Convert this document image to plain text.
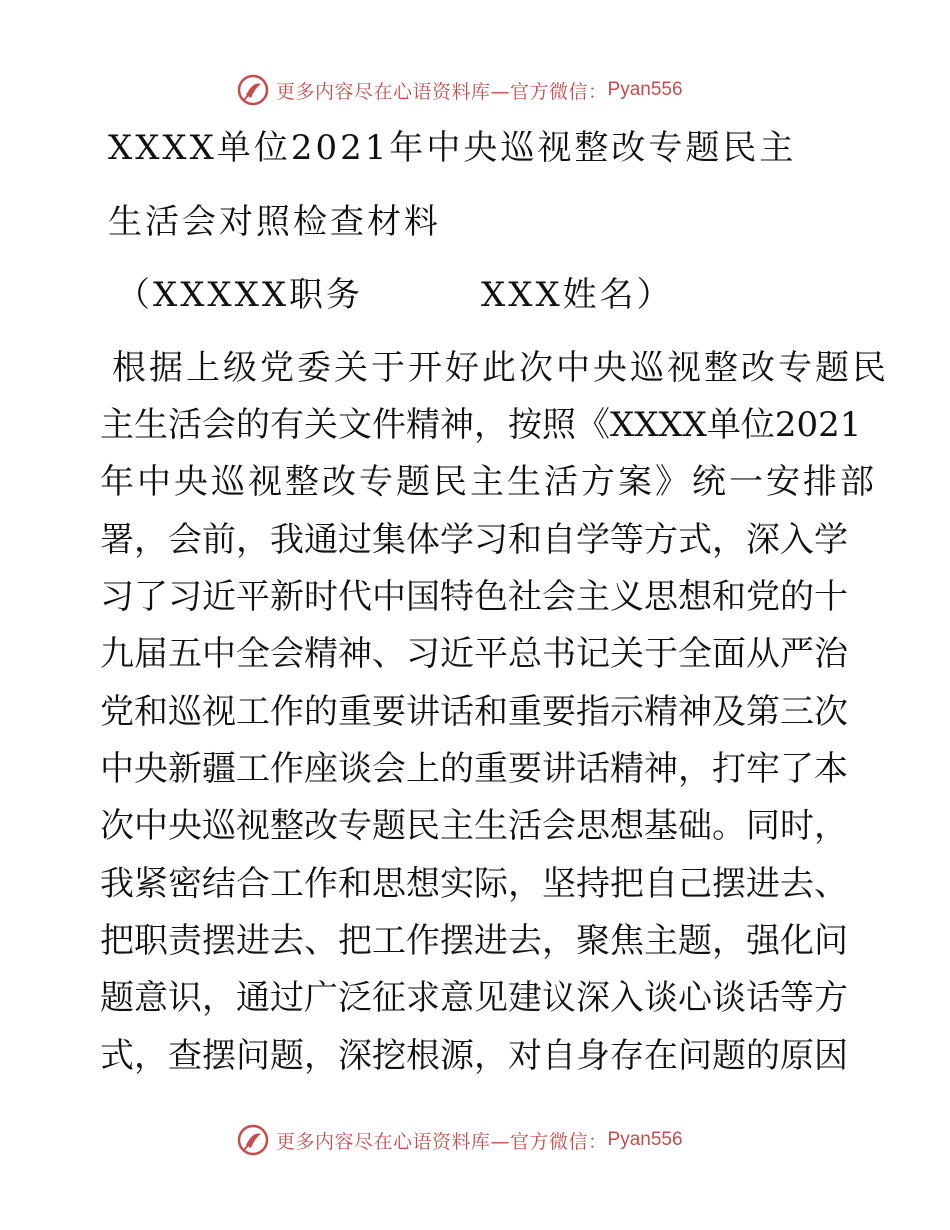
更多内容尽在心语资料库—官方微信： Pyan556
XXXX单位2021年中央巡视整改专题民主
生活会对照检查材料
（XXXXX职务	XXX姓名）
根据上级党委关于开好此次中央巡视整改专题民
主生活会的有关文件精神，按照《XXXX单位2021
年中央巡视整改专题民主生活方案》统一安排部
署，会前，我通过集体学习和自学等方式，深入学
习了习近平新时代中国特色社会主义思想和党的十
九届五中全会精神、习近平总书记关于全面从严治
党和巡视工作的重要讲话和重要指示精神及第三次
中央新疆工作座谈会上的重要讲话精神，打牢了本
次中央巡视整改专题民主生活会思想基础。同时，
我紧密结合工作和思想实际，坚持把自己摆进去、
把职责摆进去、把工作摆进去，聚焦主题，强化问
题意识，通过广泛征求意见建议深入谈心谈话等方
式，查摆问题，深挖根源，对自身存在问题的原因
更多内容尽在心语资料库—官方微信： Pyan556
